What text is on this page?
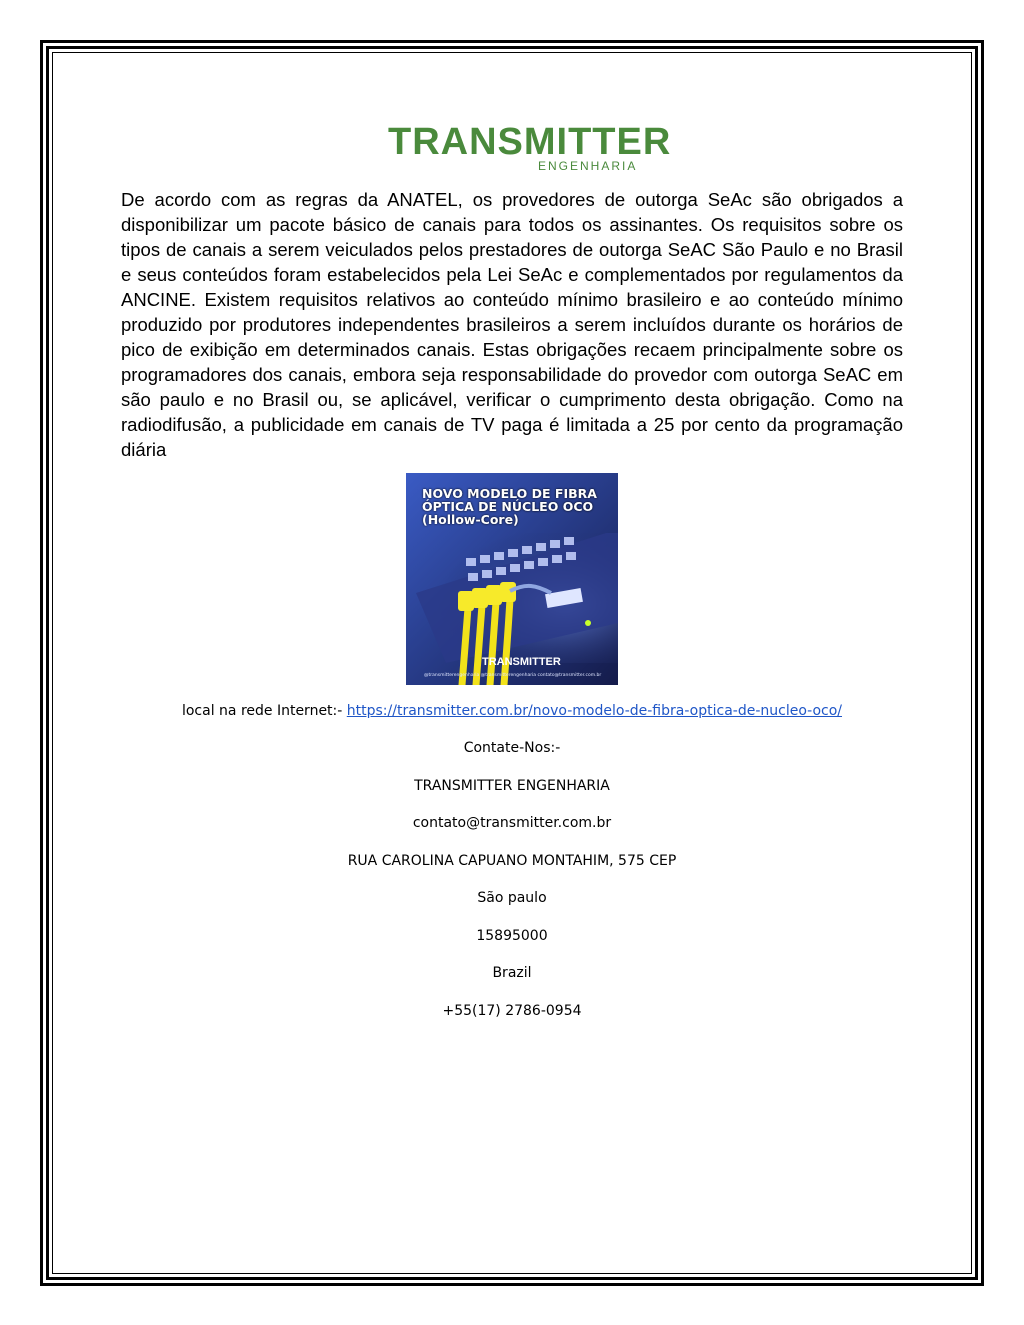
TRANSMITTER
ENGENHARIA
De acordo com as regras da ANATEL, os provedores de outorga SeAc são obrigados a disponibilizar um pacote básico de canais para todos os assinantes. Os requisitos sobre os tipos de canais a serem veiculados pelos prestadores de outorga SeAC São Paulo e no Brasil e seus conteúdos foram estabelecidos pela Lei SeAc e complementados por regulamentos da ANCINE. Existem requisitos relativos ao conteúdo mínimo brasileiro e ao conteúdo mínimo produzido por produtores independentes brasileiros a serem incluídos durante os horários de pico de exibição em determinados canais. Estas obrigações recaem principalmente sobre os programadores dos canais, embora seja responsabilidade do provedor com outorga SeAC em são paulo e no Brasil ou, se aplicável, verificar o cumprimento desta obrigação. Como na radiodifusão, a publicidade em canais de TV paga é limitada a 25 por cento da programação diária
NOVO MODELO DE FIBRA
ÓPTICA DE NÚCLEO OCO
(Hollow-Core)
TRANSMITTER
@transmitterengenharia @transmitterengenharia contato@transmitter.com.br
local na rede Internet:- https://transmitter.com.br/novo-modelo-de-fibra-optica-de-nucleo-oco/
Contate-Nos:-
TRANSMITTER ENGENHARIA
contato@transmitter.com.br
RUA CAROLINA CAPUANO MONTAHIM, 575 CEP
São paulo
15895000
Brazil
+55(17) 2786-0954
